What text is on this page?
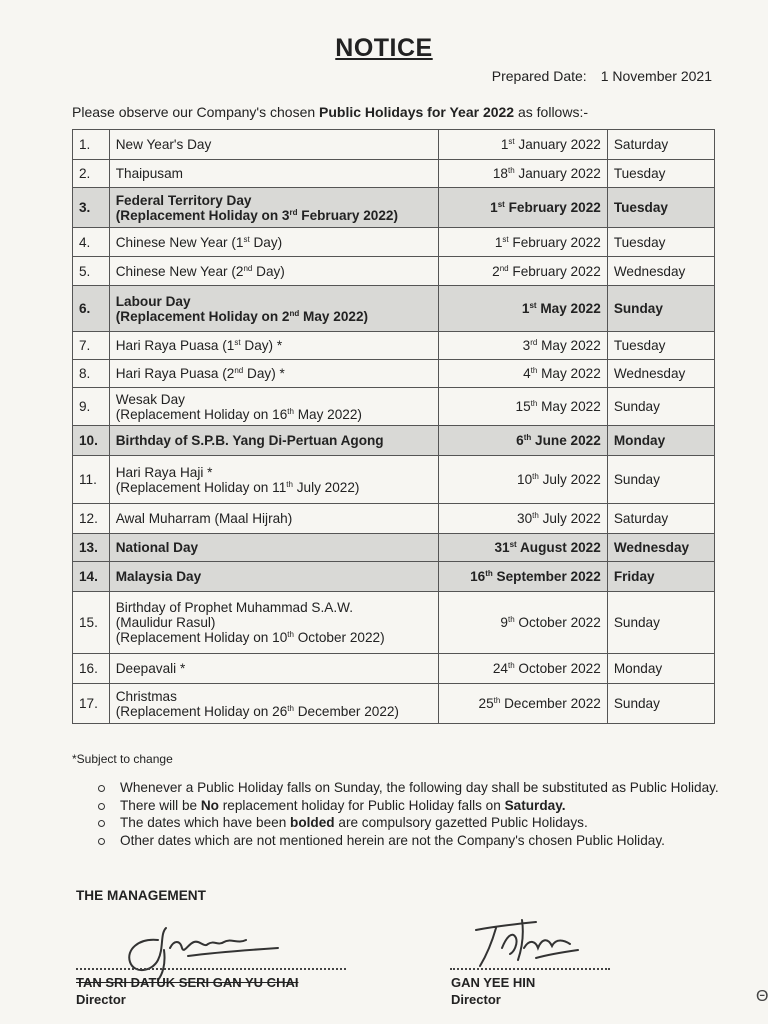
NOTICE
Prepared Date: 1 November 2021
Please observe our Company's chosen Public Holidays for Year 2022 as follows:-
1.	New Year's Day	1st January 2022	Saturday
2.	Thaipusam	18th January 2022	Tuesday
3.	Federal Territory Day
(Replacement Holiday on 3rd February 2022)	1st February 2022	Tuesday
4.	Chinese New Year (1st Day)	1st February 2022	Tuesday
5.	Chinese New Year (2nd Day)	2nd February 2022	Wednesday
6.	Labour Day
(Replacement Holiday on 2nd May 2022)	1st May 2022	Sunday
7.	Hari Raya Puasa (1st Day) *	3rd May 2022	Tuesday
8.	Hari Raya Puasa (2nd Day) *	4th May 2022	Wednesday
9.	Wesak Day
(Replacement Holiday on 16th May 2022)	15th May 2022	Sunday
10.	Birthday of S.P.B. Yang Di-Pertuan Agong	6th June 2022	Monday
11.	Hari Raya Haji *
(Replacement Holiday on 11th July 2022)	10th July 2022	Sunday
12.	Awal Muharram (Maal Hijrah)	30th July 2022	Saturday
13.	National Day	31st August 2022	Wednesday
14.	Malaysia Day	16th September 2022	Friday
15.	Birthday of Prophet Muhammad S.A.W.
(Maulidur Rasul)
(Replacement Holiday on 10th October 2022)	9th October 2022	Sunday
16.	Deepavali *	24th October 2022	Monday
17.	Christmas
(Replacement Holiday on 26th December 2022)	25th December 2022	Sunday
*Subject to change
Whenever a Public Holiday falls on Sunday, the following day shall be substituted as Public Holiday.
There will be No replacement holiday for Public Holiday falls on Saturday.
The dates which have been bolded are compulsory gazetted Public Holidays.
Other dates which are not mentioned herein are not the Company's chosen Public Holiday.
THE MANAGEMENT
TAN SRI DATUK SERI GAN YU CHAI
Director
GAN YEE HIN
Director	Θ
